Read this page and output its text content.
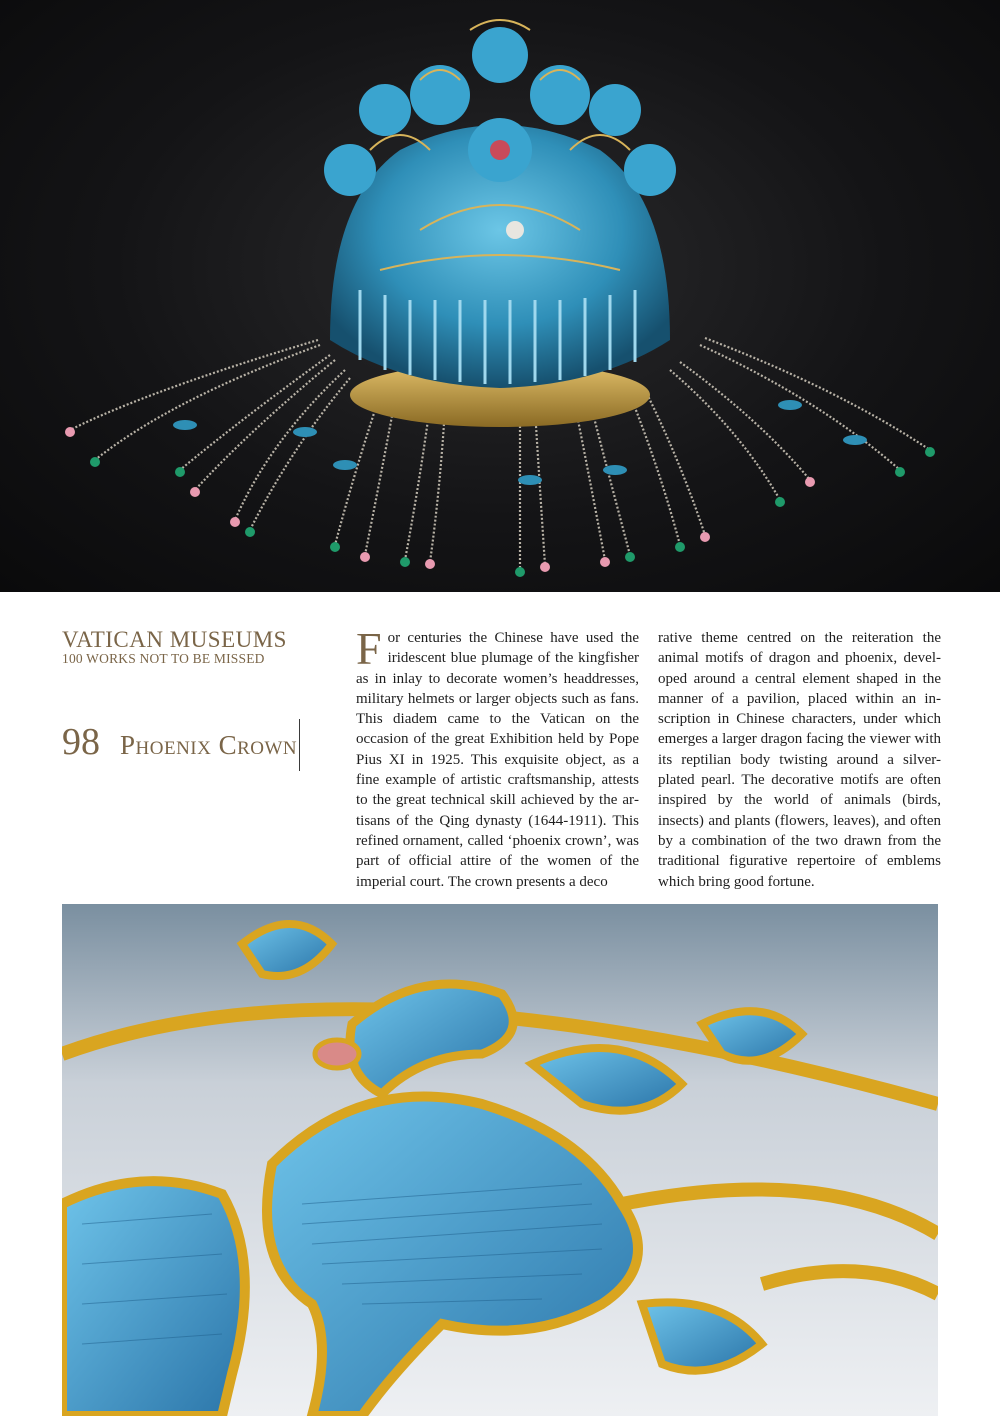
VATICAN MUSEUMS
100 WORKS NOT TO BE MISSED
98 Phoenix Crown
For centuries the Chinese have used the iridescent blue plumage of the kingfisher as in inlay to decorate women’s headdresses, military helmets or larger objects such as fans. This diadem came to the Vatican on the occasion of the great Exhibition held by Pope Pius XI in 1925. This exquisite object, as a fine example of artistic craftsmanship, attests to the great technical skill achieved by the artisans of the Qing dynasty (1644-1911). This refined ornament, called ‘phoenix crown’, was part of official attire of the women of the imperial court. The crown presents a deco
rative theme centred on the reiteration the animal motifs of dragon and phoenix, developed around a central element shaped in the manner of a pavilion, placed within an inscription in Chinese characters, under which emerges a larger dragon facing the viewer with its reptilian body twisting around a silver-plated pearl. The decorative motifs are often inspired by the world of animals (birds, insects) and plants (flowers, leaves), and often by a combination of the two drawn from the traditional figurative repertoire of emblems which bring good fortune.
